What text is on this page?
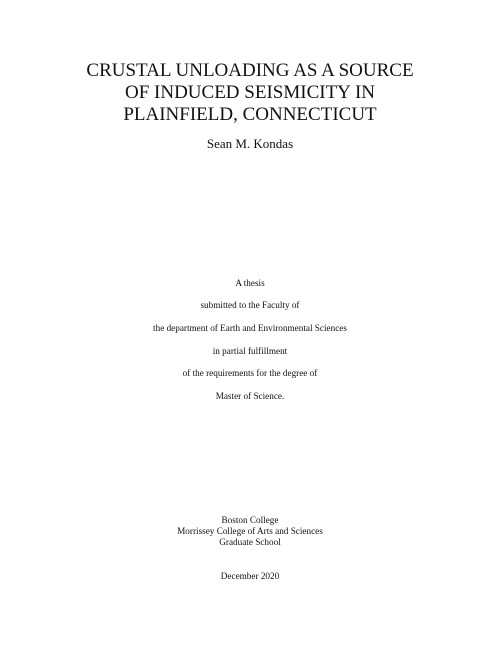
CRUSTAL UNLOADING AS A SOURCE
OF INDUCED SEISMICITY IN
PLAINFIELD, CONNECTICUT
Sean M. Kondas
A thesis
submitted to the Faculty of
the department of Earth and Environmental Sciences
in partial fulfillment
of the requirements for the degree of
Master of Science.
Boston College
Morrissey College of Arts and Sciences
Graduate School
December 2020
